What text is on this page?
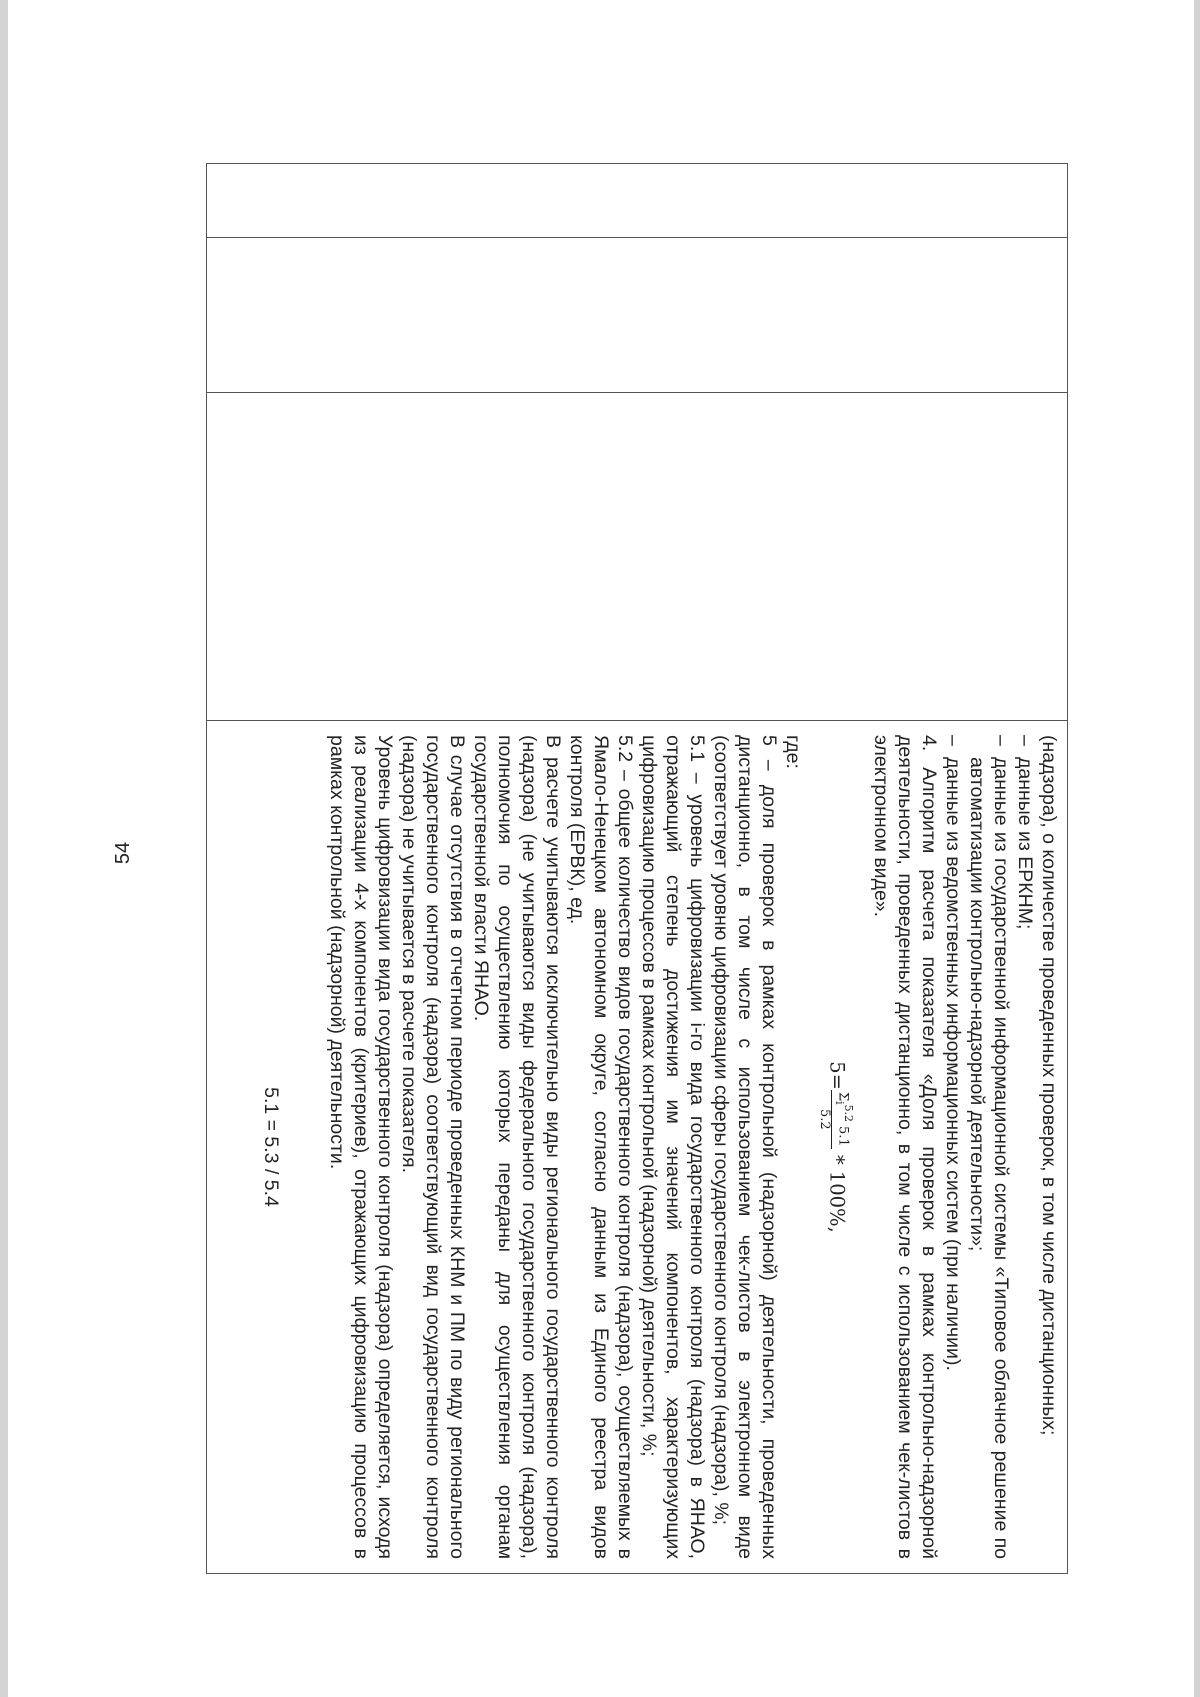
54
				(надзора), о количестве проведенных проверок, в том числе дистанционных;

–
данные из ЕРКНМ;
–
данные из государственной информационной системы «Типовое облачное решение по автоматизации контрольно-надзорной деятельности»;
–
данные из ведомственных информационных систем (при наличии).

4. Алгоритм расчета показателя «Доля проверок в рамках контрольно-надзорной деятельности, проведенных дистанционно, в том числе с использованием чек-листов в электронном виде».

5=
$\Sigma_i^{5.2}$ 5.1
5.2
* 100%,

где:

5 – доля проверок в рамках контрольной (надзорной) деятельности, проведенных дистанционно, в том числе с использованием чек-листов в электронном виде (соответствует уровню цифровизации сферы государственного контроля (надзора), %;

5.1 – уровень цифровизации i-го вида государственного контроля (надзора) в ЯНАО, отражающий степень достижения им значений компонентов, характеризующих цифровизацию процессов в рамках контрольной (надзорной) деятельности, %;

5.2 – общее количество видов государственного контроля (надзора), осуществляемых в Ямало-Ненецком автономном округе, согласно данным из Единого реестра видов контроля (ЕРВК), ед.

В расчете учитываются исключительно виды регионального государственного контроля (надзора) (не учитываются виды федерального государственного контроля (надзора), полномочия по осуществлению которых переданы для осуществления органам государственной власти ЯНАО.

В случае отсутствия в отчетном периоде проведенных КНМ и ПМ по виду регионального государственного контроля (надзора) соответствующий вид государственного контроля (надзора) не учитывается в расчете показателя.

Уровень цифровизации вида государственного контроля (надзора) определяется, исходя из реализации 4-х компонентов (критериев), отражающих цифровизацию процессов в рамках контрольной (надзорной) деятельности.

5.1 = 5.3 / 5.4
